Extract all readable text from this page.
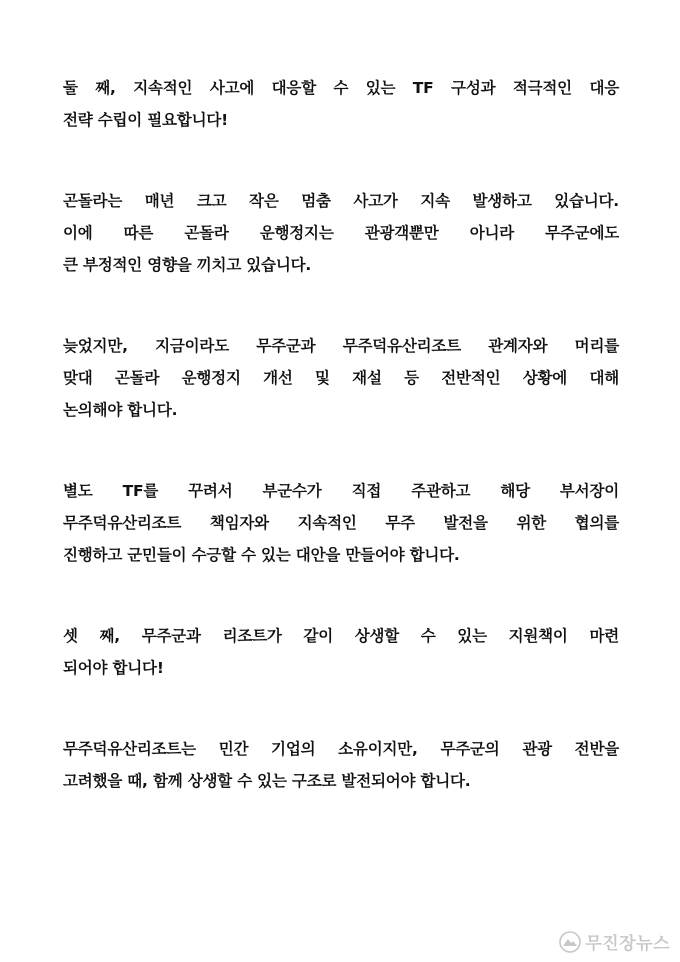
둘 째, 지속적인 사고에 대응할 수 있는 TF 구성과 적극적인 대응

전략 수립이 필요합니다!

곤돌라는 매년 크고 작은 멈춤 사고가 지속 발생하고 있습니다.

이에 따른 곤돌라 운행정지는 관광객뿐만 아니라 무주군에도

큰 부정적인 영향을 끼치고 있습니다.

늦었지만, 지금이라도 무주군과 무주덕유산리조트 관계자와 머리를

맞대 곤돌라 운행정지 개선 및 재설 등 전반적인 상황에 대해

논의해야 합니다.

별도 TF를 꾸려서 부군수가 직접 주관하고 해당 부서장이

무주덕유산리조트 책임자와 지속적인 무주 발전을 위한 협의를

진행하고 군민들이 수긍할 수 있는 대안을 만들어야 합니다.

셋 째, 무주군과 리조트가 같이 상생할 수 있는 지원책이 마련

되어야 합니다!

무주덕유산리조트는 민간 기업의 소유이지만, 무주군의 관광 전반을

고려했을 때, 함께 상생할 수 있는 구조로 발전되어야 합니다.

무진장뉴스
